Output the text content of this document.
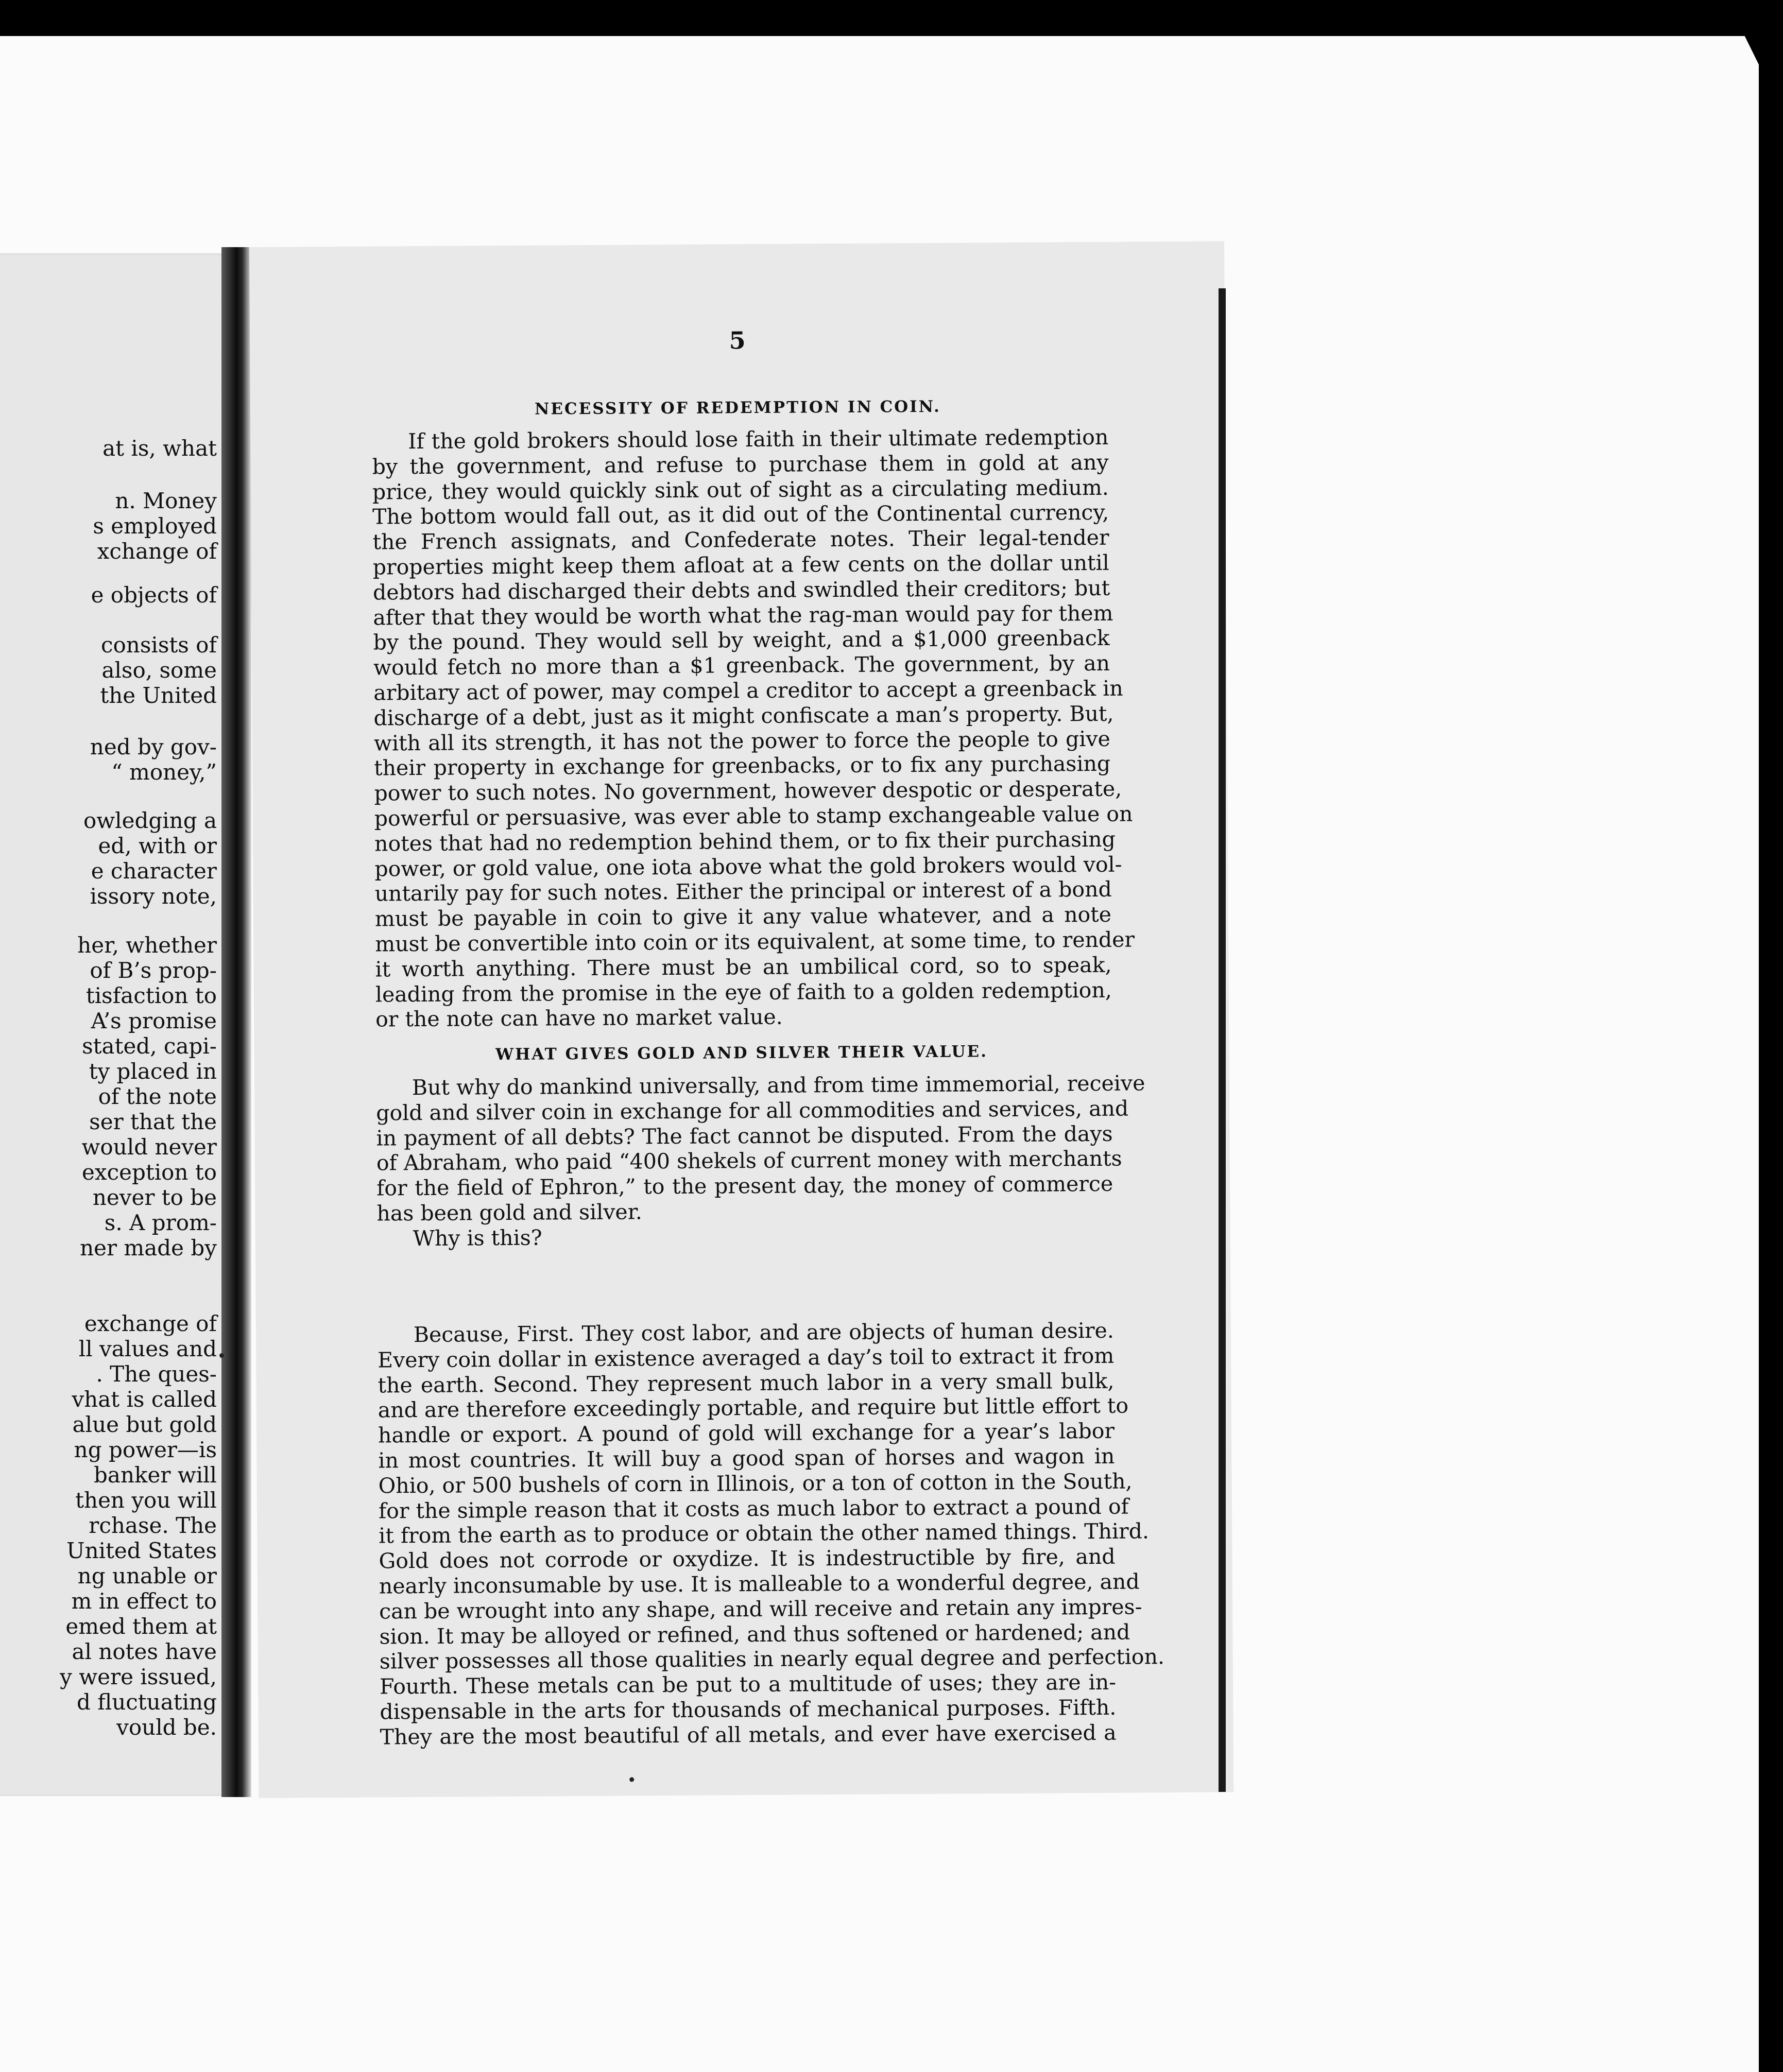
at is, what
n. Money
s employed
xchange of
e objects of
consists of
also, some
the United
ned by gov-
“ money,”
owledging a
ed, with or
e character
issory note,
her, whether
of B’s prop-
tisfaction to
A’s promise
stated, capi-
ty placed in
of the note
ser that the
would never
exception to
never to be
s. A prom-
ner made by
exchange of
ll values and
. The ques-
vhat is called
alue but gold
ng power—is
banker will
then you will
rchase. The
United States
ng unable or
m in effect to
emed them at
al notes have
y were issued,
d fluctuating
vould be.
5
NECESSITY OF REDEMPTION IN COIN.
If the gold brokers should lose faith in their ultimate redemption
by the government, and refuse to purchase them in gold at any
price, they would quickly sink out of sight as a circulating medium.
The bottom would fall out, as it did out of the Continental currency,
the French assignats, and Confederate notes. Their legal-tender
properties might keep them afloat at a few cents on the dollar until
debtors had discharged their debts and swindled their creditors; but
after that they would be worth what the rag-man would pay for them
by the pound. They would sell by weight, and a $1,000 greenback
would fetch no more than a $1 greenback. The government, by an
arbitary act of power, may compel a creditor to accept a greenback in
discharge of a debt, just as it might confiscate a man’s property. But,
with all its strength, it has not the power to force the people to give
their property in exchange for greenbacks, or to fix any purchasing
power to such notes. No government, however despotic or desperate,
powerful or persuasive, was ever able to stamp exchangeable value on
notes that had no redemption behind them, or to fix their purchasing
power, or gold value, one iota above what the gold brokers would vol-
untarily pay for such notes. Either the principal or interest of a bond
must be payable in coin to give it any value whatever, and a note
must be convertible into coin or its equivalent, at some time, to render
it worth anything. There must be an umbilical cord, so to speak,
leading from the promise in the eye of faith to a golden redemption,
or the note can have no market value.
WHAT GIVES GOLD AND SILVER THEIR VALUE.
But why do mankind universally, and from time immemorial, receive
gold and silver coin in exchange for all commodities and services, and
in payment of all debts? The fact cannot be disputed. From the days
of Abraham, who paid “400 shekels of current money with merchants
for the field of Ephron,” to the present day, the money of commerce
has been gold and silver.
Why is this?
Because, First. They cost labor, and are objects of human desire.
Every coin dollar in existence averaged a day’s toil to extract it from
the earth. Second. They represent much labor in a very small bulk,
and are therefore exceedingly portable, and require but little effort to
handle or export. A pound of gold will exchange for a year’s labor
in most countries. It will buy a good span of horses and wagon in
Ohio, or 500 bushels of corn in Illinois, or a ton of cotton in the South,
for the simple reason that it costs as much labor to extract a pound of
it from the earth as to produce or obtain the other named things. Third.
Gold does not corrode or oxydize. It is indestructible by fire, and
nearly inconsumable by use. It is malleable to a wonderful degree, and
can be wrought into any shape, and will receive and retain any impres-
sion. It may be alloyed or refined, and thus softened or hardened; and
silver possesses all those qualities in nearly equal degree and perfection.
Fourth. These metals can be put to a multitude of uses; they are in-
dispensable in the arts for thousands of mechanical purposes. Fifth.
They are the most beautiful of all metals, and ever have exercised a
